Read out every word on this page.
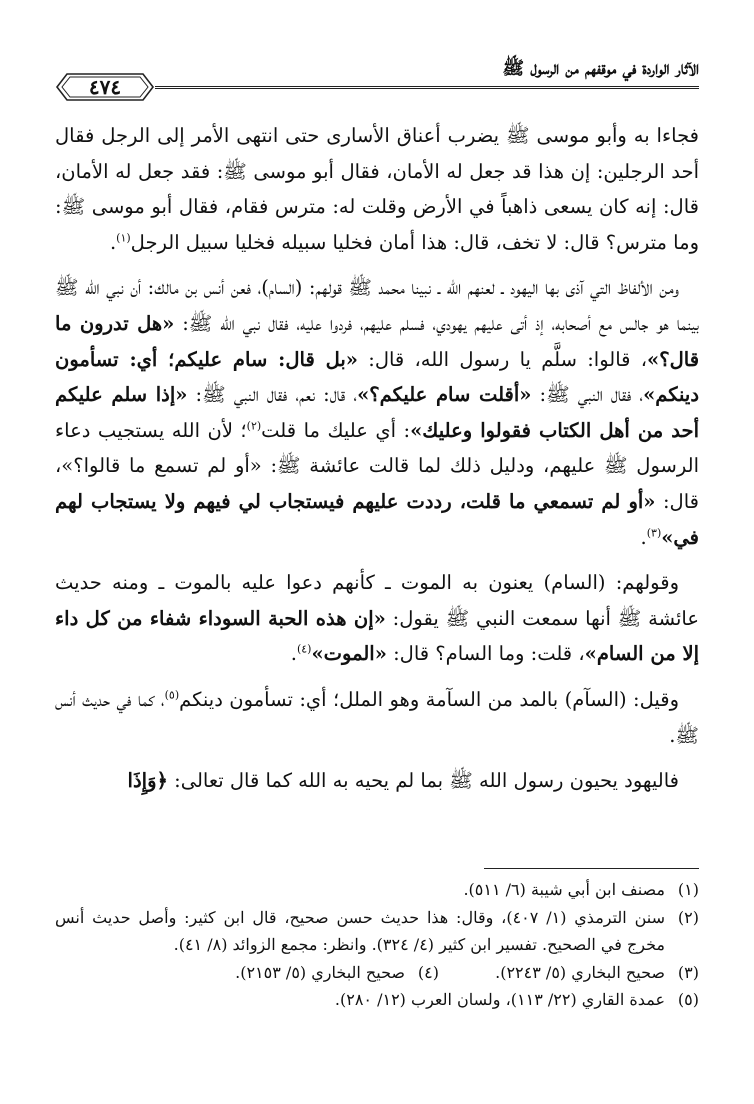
الآثار الواردة في موقفهم من الرسول ﷺ
٤٧٤

فجاءا به وأبو موسى ﷺ يضرب أعناق الأسارى حتى انتهى الأمر إلى الرجل فقال أحد الرجلين: إن هذا قد جعل له الأمان، فقال أبو موسى ﷺ: فقد جعل له الأمان، قال: إنه كان يسعى ذاهباً في الأرض وقلت له: مترس فقام، فقال أبو موسى ﷺ: وما مترس؟ قال: لا تخف، قال: هذا أمان فخليا سبيله فخليا سبيل الرجل$^{(١)}$.

ومن الألفاظ التي آذى بها اليهود ـ لعنهم الله ـ نبينا محمد ﷺ قولهم: (السام)، فعن أنس بن مالك: أن نبي الله ﷺ بينما هو جالس مع أصحابه، إذ أتى عليهم يهودي، فسلم عليهم، فردوا عليه، فقال نبي الله ﷺ: «هل تدرون ما قال؟»، قالوا: سلَّم يا رسول الله، قال: «بل قال: سام عليكم؛ أي: تسأمون دينكم»، فقال النبي ﷺ: «أقلت سام عليكم؟»، قال: نعم، فقال النبي ﷺ: «إذا سلم عليكم أحد من أهل الكتاب فقولوا وعليك»: أي عليك ما قلت$^{(٢)}$؛ لأن الله يستجيب دعاء الرسول ﷺ عليهم، ودليل ذلك لما قالت عائشة ﷺ: «أو لم تسمع ما قالوا؟»، قال: «أو لم تسمعي ما قلت، رددت عليهم فيستجاب لي فيهم ولا يستجاب لهم في»$^{(٣)}$.

وقولهم: (السام) يعنون به الموت ـ كأنهم دعوا عليه بالموت ـ ومنه حديث عائشة ﷺ أنها سمعت النبي ﷺ يقول: «إن هذه الحبة السوداء شفاء من كل داء إلا من السام»، قلت: وما السام؟ قال: «الموت»$^{(٤)}$.

وقيل: (السآم) بالمد من السآمة وهو الملل؛ أي: تسأمون دينكم$^{(٥)}$، كما في حديث أنس ﷺ.

فاليهود يحيون رسول الله ﷺ بما لم يحيه به الله كما قال تعالى: ﴿وَإِذَا

(١)
مصنف ابن أبي شيبة (٦/ ٥١١).
(٢)
سنن الترمذي (١/ ٤٠٧)، وقال: هذا حديث حسن صحيح، قال ابن كثير: وأصل حديث أنس مخرج في الصحيح. تفسير ابن كثير (٤/ ٣٢٤). وانظر: مجمع الزوائد (٨/ ٤١).
(٣)
صحيح البخاري (٥/ ٢٢٤٣).
(٤)
صحيح البخاري (٥/ ٢١٥٣).
(٥)
عمدة القاري (٢٢/ ١١٣)، ولسان العرب (١٢/ ٢٨٠).
